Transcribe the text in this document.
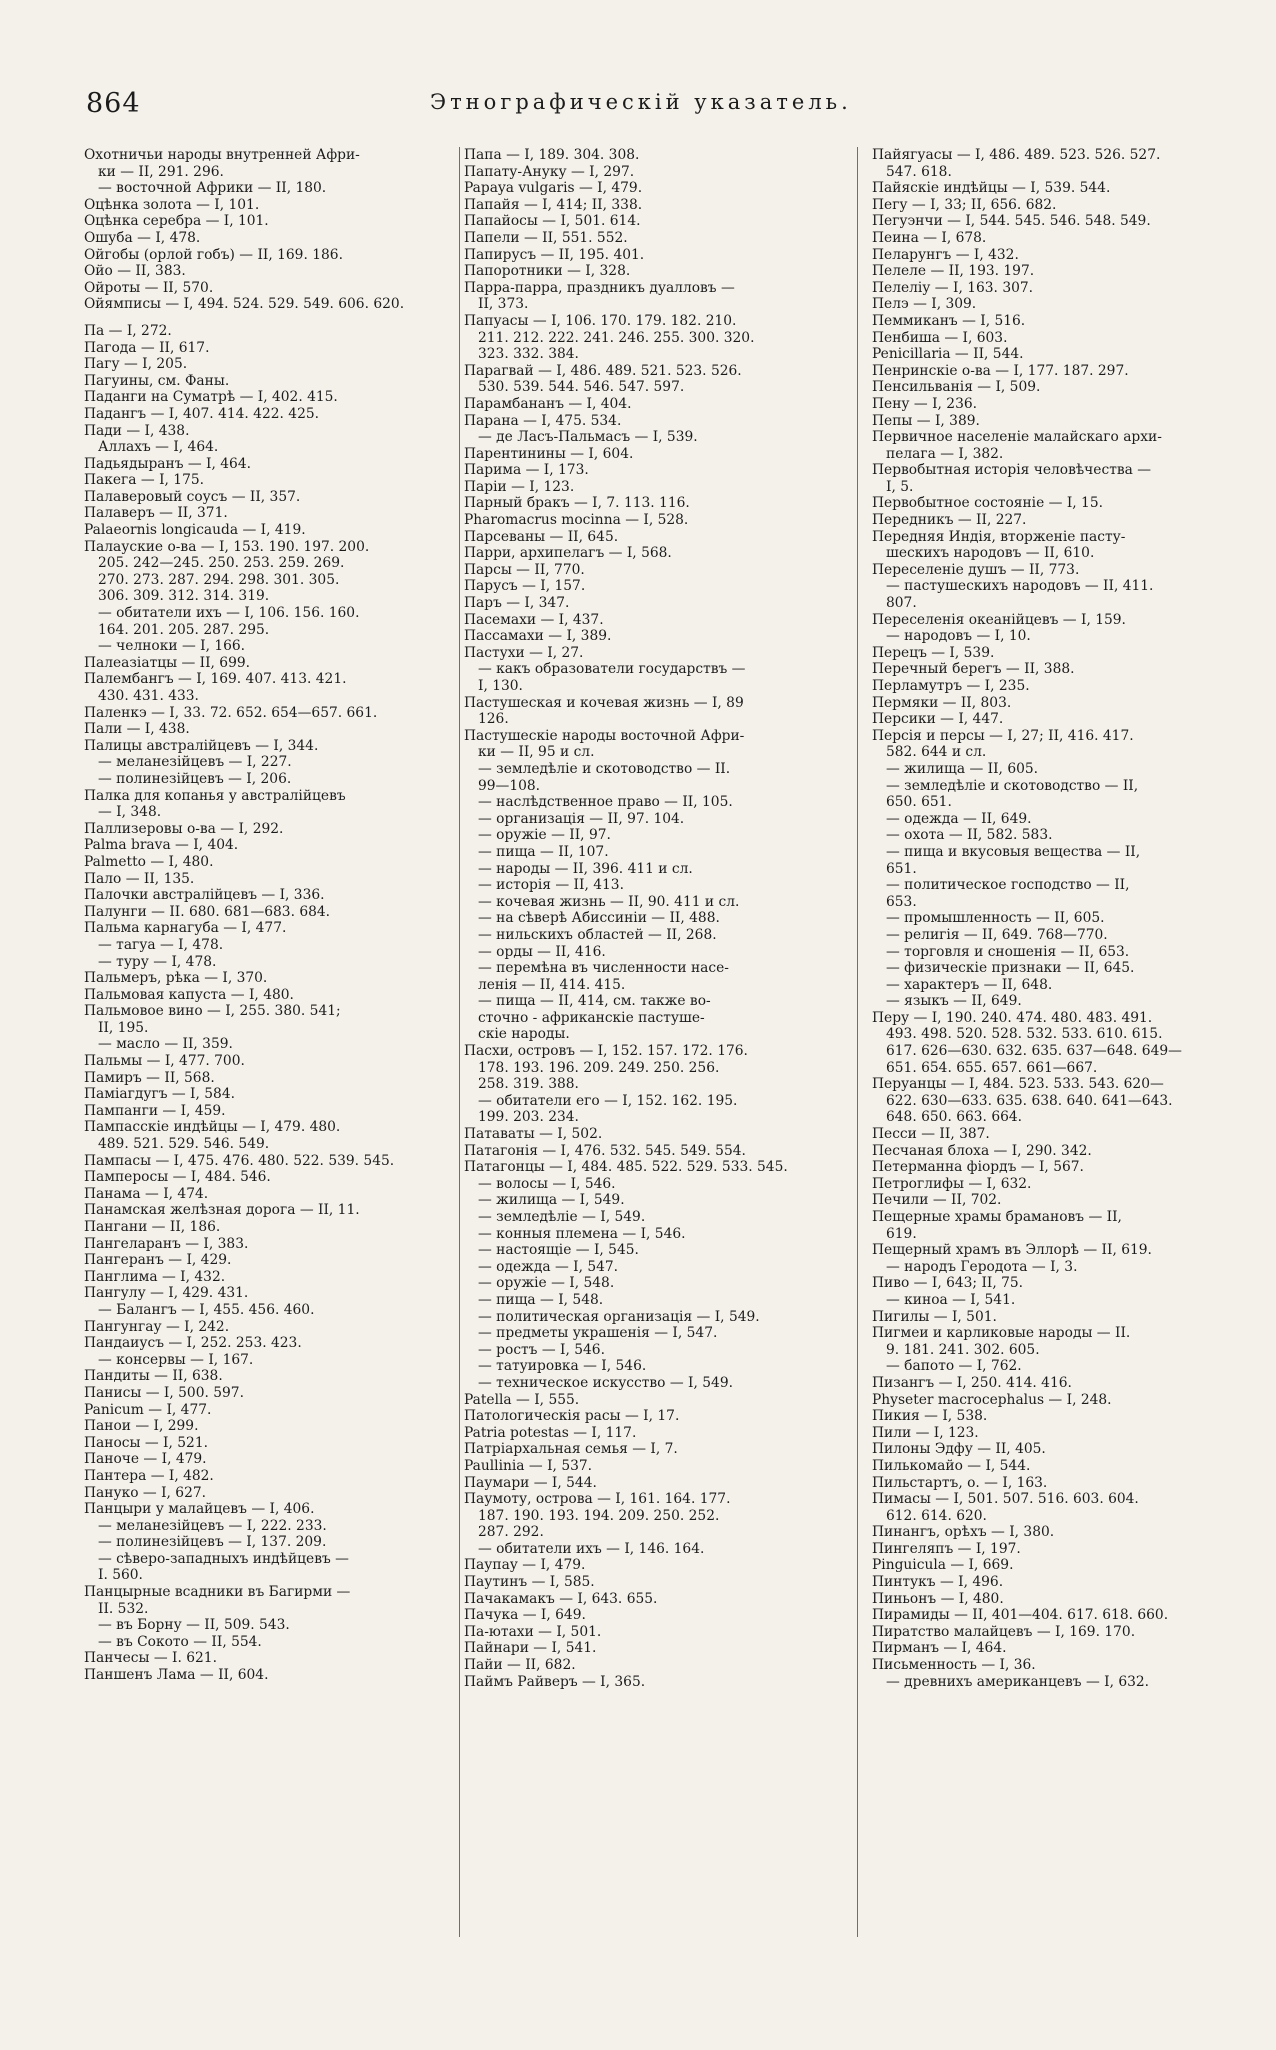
864	Этнографическій указатель.
Охотничьи народы внутренней Афри-
ки — II, 291. 296.
— восточной Африки — II, 180.
Оцѣнка золота — I, 101.
Оцѣнка серебра — I, 101.
Ошуба — I, 478.
Ойгобы (орлой гобъ) — II, 169. 186.
Ойо — II, 383.
Ойроты — II, 570.
Ойямписы — I, 494. 524. 529. 549. 606. 620.
Па — I, 272.
Пагода — II, 617.
Пагу — I, 205.
Пагуины, см. Фаны.
Паданги на Суматрѣ — I, 402. 415.
Падангъ — I, 407. 414. 422. 425.
Пади — I, 438.
Аллахъ — I, 464.
Падьядыранъ — I, 464.
Пакега — I, 175.
Палаверовый соусъ — II, 357.
Палаверъ — II, 371.
Palaeornis longicauda — I, 419.
Палауские о-ва — I, 153. 190. 197. 200.
205. 242—245. 250. 253. 259. 269.
270. 273. 287. 294. 298. 301. 305.
306. 309. 312. 314. 319.
— обитатели ихъ — I, 106. 156. 160.
164. 201. 205. 287. 295.
— челноки — I, 166.
Палеазіатцы — II, 699.
Палембангъ — I, 169. 407. 413. 421.
430. 431. 433.
Паленкэ — I, 33. 72. 652. 654—657. 661.
Пали — I, 438.
Палицы австралійцевъ — I, 344.
— меланезійцевъ — I, 227.
— полинезійцевъ — I, 206.
Палка для копанья у австралійцевъ
— I, 348.
Паллизеровы о-ва — I, 292.
Palma brava — I, 404.
Palmetto — I, 480.
Пало — II, 135.
Палочки австралійцевъ — I, 336.
Палунги — II. 680. 681—683. 684.
Пальма карнагуба — I, 477.
— тагуа — I, 478.
— туру — I, 478.
Пальмеръ, рѣка — I, 370.
Пальмовая капуста — I, 480.
Пальмовое вино — I, 255. 380. 541;
II, 195.
— масло — II, 359.
Пальмы — I, 477. 700.
Памиръ — II, 568.
Паміагдугъ — I, 584.
Пампанги — I, 459.
Пампасскіе индѣйцы — I, 479. 480.
489. 521. 529. 546. 549.
Пампасы — I, 475. 476. 480. 522. 539. 545.
Пампероcы — I, 484. 546.
Панама — I, 474.
Панамская желѣзная дорога — II, 11.
Пангани — II, 186.
Пангеларанъ — I, 383.
Пангеранъ — I, 429.
Панглима — I, 432.
Пангулу — I, 429. 431.
— Балангъ — I, 455. 456. 460.
Пангунгау — I, 242.
Пандаиусъ — I, 252. 253. 423.
— консервы — I, 167.
Пандиты — II, 638.
Панисы — I, 500. 597.
Panicum — I, 477.
Панои — I, 299.
Паносы — I, 521.
Паноче — I, 479.
Пантера — I, 482.
Пануко — I, 627.
Панцыри у малайцевъ — I, 406.
— меланезійцевъ — I, 222. 233.
— полинезійцевъ — I, 137. 209.
— сѣверо-западныхъ индѣйцевъ —
I. 560.
Панцырные всадники въ Багирми —
II. 532.
— въ Борну — II, 509. 543.
— въ Сокото — II, 554.
Панчесы — I. 621.
Паншенъ Лама — II, 604.
Папа — I, 189. 304. 308.
Папату-Ануку — I, 297.
Papaya vulgaris — I, 479.
Папайя — I, 414; II, 338.
Папайосы — I, 501. 614.
Папели — II, 551. 552.
Папирусъ — II, 195. 401.
Папоротники — I, 328.
Парра-парра, праздникъ дуалловъ —
II, 373.
Папуасы — I, 106. 170. 179. 182. 210.
211. 212. 222. 241. 246. 255. 300. 320.
323. 332. 384.
Парагвай — I, 486. 489. 521. 523. 526.
530. 539. 544. 546. 547. 597.
Парамбананъ — I, 404.
Парана — I, 475. 534.
— де Ласъ-Пальмасъ — I, 539.
Парентинины — I, 604.
Парима — I, 173.
Паріи — I, 123.
Парный бракъ — I, 7. 113. 116.
Pharomacrus mocinna — I, 528.
Парсеваны — II, 645.
Парри, архипелагъ — I, 568.
Парсы — II, 770.
Парусъ — I, 157.
Паръ — I, 347.
Пасемахи — I, 437.
Пассамахи — I, 389.
Пастухи — I, 27.
— какъ образователи государствъ —
I, 130.
Пастушеская и кочевая жизнь — I, 89
126.
Пастушескіе народы восточной Афри-
ки — II, 95 и сл.
— земледѣліе и скотоводство — II.
99—108.
— наслѣдственное право — II, 105.
— организація — II, 97. 104.
— оружіе — II, 97.
— пища — II, 107.
— народы — II, 396. 411 и сл.
— исторія — II, 413.
— кочевая жизнь — II, 90. 411 и сл.
— на сѣверѣ Абиссиніи — II, 488.
— нильскихъ областей — II, 268.
— орды — II, 416.
— перемѣна въ численности насе-
ленія — II, 414. 415.
— пища — II, 414, см. также во-
сточно - африканскіе пастуше-
скіе народы.
Пасхи, островъ — I, 152. 157. 172. 176.
178. 193. 196. 209. 249. 250. 256.
258. 319. 388.
— обитатели его — I, 152. 162. 195.
199. 203. 234.
Патаваты — I, 502.
Патагонія — I, 476. 532. 545. 549. 554.
Патагонцы — I, 484. 485. 522. 529. 533. 545.
— волосы — I, 546.
— жилища — I, 549.
— земледѣліе — I, 549.
— конныя племена — I, 546.
— настоящіе — I, 545.
— одежда — I, 547.
— оружіе — I, 548.
— пища — I, 548.
— политическая организація — I, 549.
— предметы украшенія — I, 547.
— ростъ — I, 546.
— татуировка — I, 546.
— техническое искусство — I, 549.
Patella — I, 555.
Патологическія расы — I, 17.
Patria potestas — I, 117.
Патріархальная семья — I, 7.
Paullinia — I, 537.
Паумари — I, 544.
Паумоту, острова — I, 161. 164. 177.
187. 190. 193. 194. 209. 250. 252.
287. 292.
— обитатели ихъ — I, 146. 164.
Паупау — I, 479.
Паутинъ — I, 585.
Пачакамакъ — I, 643. 655.
Пачука — I, 649.
Па-ютахи — I, 501.
Пайнари — I, 541.
Пайи — II, 682.
Паймъ Райверъ — I, 365.
Пайягуасы — I, 486. 489. 523. 526. 527.
547. 618.
Пайяскіе индѣйцы — I, 539. 544.
Пегу — I, 33; II, 656. 682.
Пегуэнчи — I, 544. 545. 546. 548. 549.
Пеина — I, 678.
Пеларунгъ — I, 432.
Пелеле — II, 193. 197.
Пелеліу — I, 163. 307.
Пелэ — I, 309.
Пеммиканъ — I, 516.
Пенбиша — I, 603.
Penicillaria — II, 544.
Пенринскіе о-ва — I, 177. 187. 297.
Пенсильванія — I, 509.
Пену — I, 236.
Пепы — I, 389.
Первичное населеніе малайскаго архи-
пелага — I, 382.
Первобытная исторія человѣчества —
I, 5.
Первобытное состояніе — I, 15.
Передникъ — II, 227.
Передняя Индія, вторженіе пасту-
шескихъ народовъ — II, 610.
Переселеніе душъ — II, 773.
— пастушескихъ народовъ — II, 411.
807.
Переселенія океанійцевъ — I, 159.
— народовъ — I, 10.
Перецъ — I, 539.
Перечный берегъ — II, 388.
Перламутръ — I, 235.
Пермяки — II, 803.
Персики — I, 447.
Персія и персы — I, 27; II, 416. 417.
582. 644 и сл.
— жилища — II, 605.
— земледѣліе и скотоводство — II,
650. 651.
— одежда — II, 649.
— охота — II, 582. 583.
— пища и вкусовыя вещества — II,
651.
— политическое господство — II,
653.
— промышленность — II, 605.
— религія — II, 649. 768—770.
— торговля и сношенія — II, 653.
— физическіе признаки — II, 645.
— характеръ — II, 648.
— языкъ — II, 649.
Перу — I, 190. 240. 474. 480. 483. 491.
493. 498. 520. 528. 532. 533. 610. 615.
617. 626—630. 632. 635. 637—648. 649—
651. 654. 655. 657. 661—667.
Перуанцы — I, 484. 523. 533. 543. 620—
622. 630—633. 635. 638. 640. 641—643.
648. 650. 663. 664.
Песси — II, 387.
Песчаная блоха — I, 290. 342.
Петерманна фіордъ — I, 567.
Петроглифы — I, 632.
Печили — II, 702.
Пещерные храмы брамановъ — II,
619.
Пещерный храмъ въ Эллорѣ — II, 619.
— народъ Геродота — I, 3.
Пиво — I, 643; II, 75.
— киноа — I, 541.
Пигилы — I, 501.
Пигмеи и карликовые народы — II.
9. 181. 241. 302. 605.
— бапото — I, 762.
Пизангъ — I, 250. 414. 416.
Physeter macrocephalus — I, 248.
Пикия — I, 538.
Пили — I, 123.
Пилоны Эдфу — II, 405.
Пилькомайо — I, 544.
Пильстартъ, о. — I, 163.
Пимасы — I, 501. 507. 516. 603. 604.
612. 614. 620.
Пинангъ, орѣхъ — I, 380.
Пингеляпъ — I, 197.
Pinguicula — I, 669.
Пинтукъ — I, 496.
Пиньонъ — I, 480.
Пирамиды — II, 401—404. 617. 618. 660.
Пиратство малайцевъ — I, 169. 170.
Пирманъ — I, 464.
Письменность — I, 36.
— древнихъ американцевъ — I, 632.
